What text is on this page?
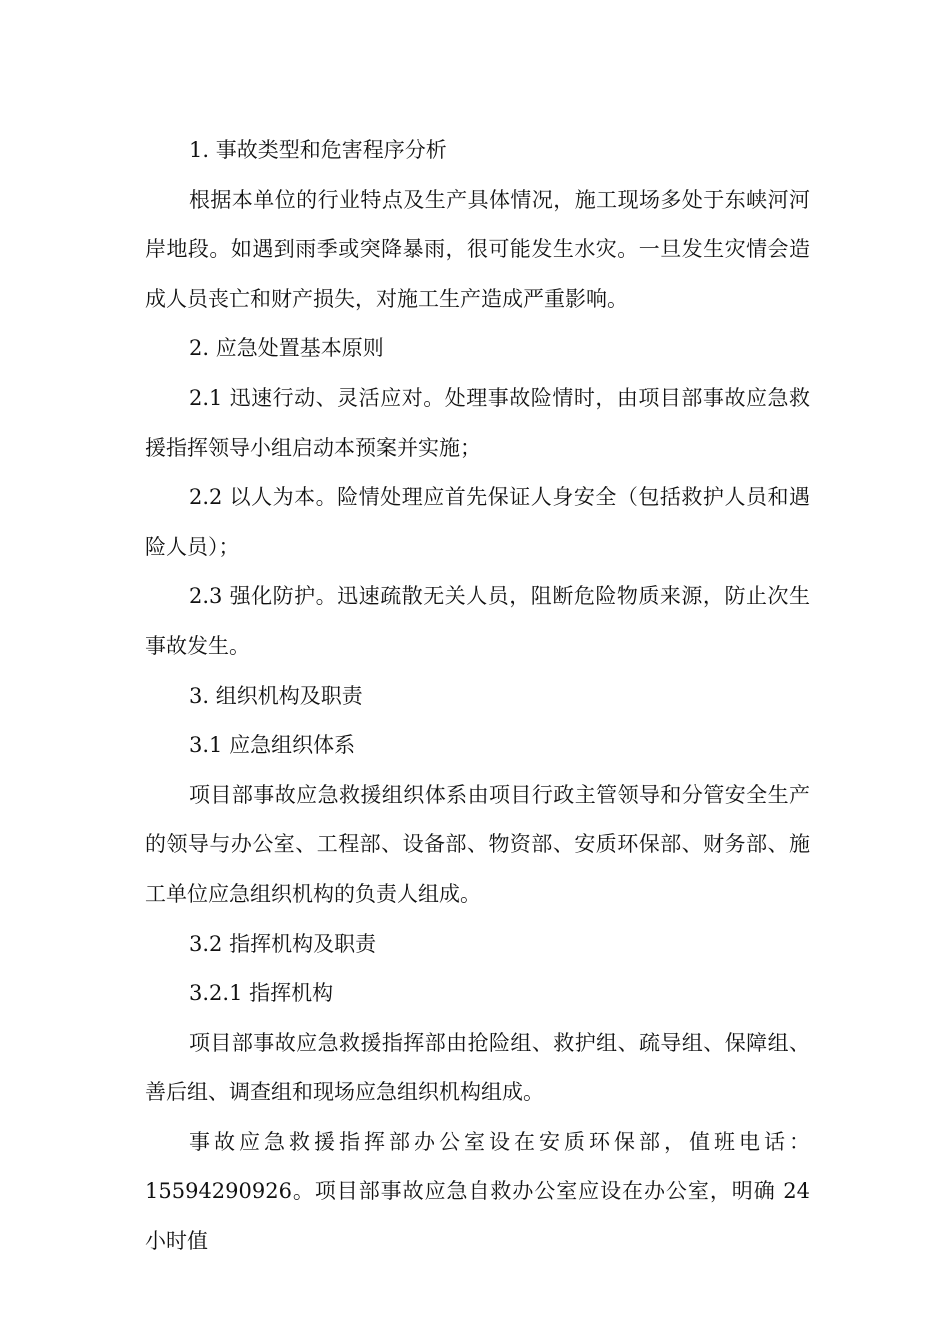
1. 事故类型和危害程序分析

根据本单位的行业特点及生产具体情况，施工现场多处于东峡河河岸地段。如遇到雨季或突降暴雨，很可能发生水灾。一旦发生灾情会造成人员丧亡和财产损失，对施工生产造成严重影响。

2. 应急处置基本原则

2.1 迅速行动、灵活应对。处理事故险情时，由项目部事故应急救援指挥领导小组启动本预案并实施；

2.2 以人为本。险情处理应首先保证人身安全（包括救护人员和遇险人员）；

2.3 强化防护。迅速疏散无关人员，阻断危险物质来源，防止次生事故发生。

3. 组织机构及职责

3.1 应急组织体系

项目部事故应急救援组织体系由项目行政主管领导和分管安全生产的领导与办公室、工程部、设备部、物资部、安质环保部、财务部、施工单位应急组织机构的负责人组成。

3.2 指挥机构及职责

3.2.1 指挥机构

项目部事故应急救援指挥部由抢险组、救护组、疏导组、保障组、善后组、调查组和现场应急组织机构组成。

事故应急救援指挥部办公室设在安质环保部，值班电话：15594290926。项目部事故应急自救办公室应设在办公室，明确 24 小时值
